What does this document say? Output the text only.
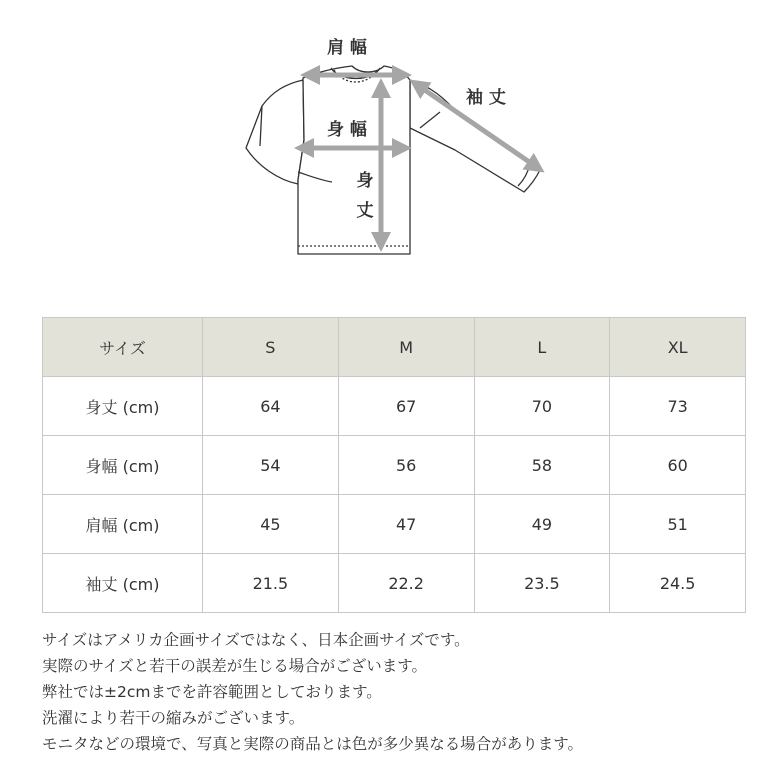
肩 幅
袖 丈
身 幅
身 丈
サイズ	S	M	L	XL
身丈 (cm)	64	67	70	73
身幅 (cm)	54	56	58	60
肩幅 (cm)	45	47	49	51
袖丈 (cm)	21.5	22.2	23.5	24.5

サイズはアメリカ企画サイズではなく、日本企画サイズです。

実際のサイズと若干の誤差が生じる場合がございます。

弊社では±2cmまでを許容範囲としております。

洗濯により若干の縮みがございます。

モニタなどの環境で、写真と実際の商品とは色が多少異なる場合があります。
